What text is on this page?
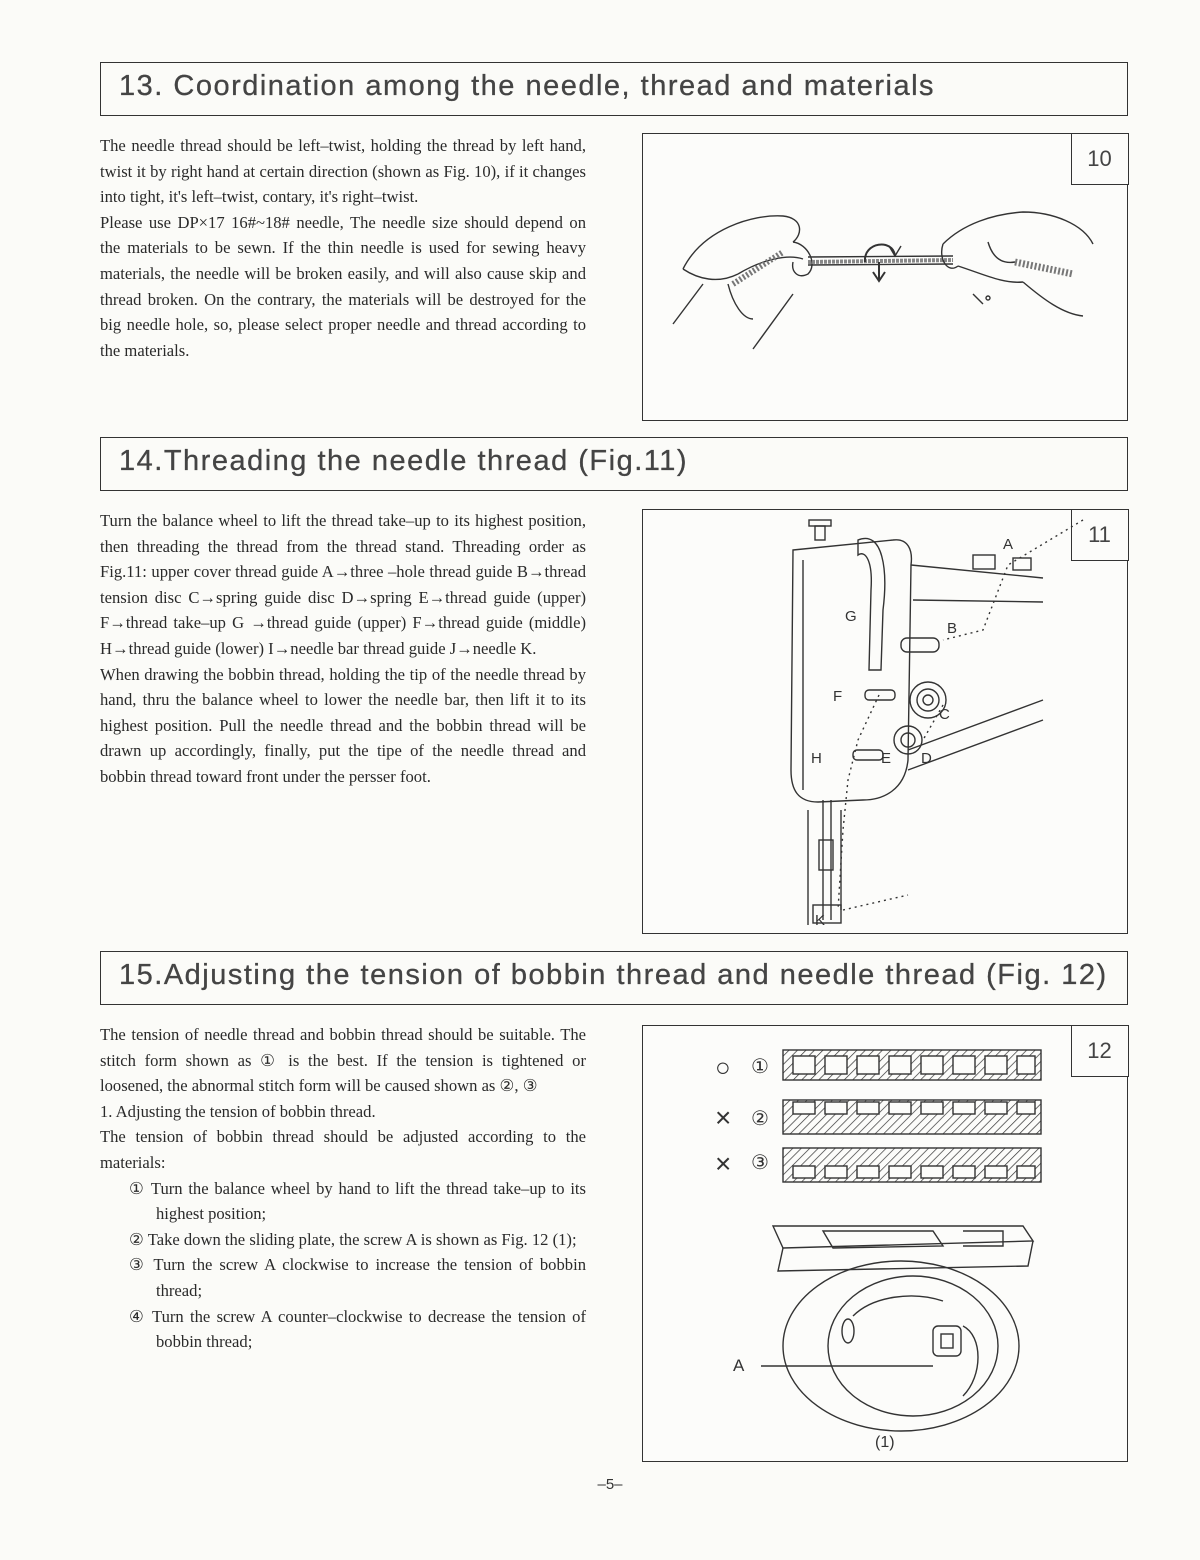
13. Coordination among the needle, thread and materials

The needle thread should be left–twist, holding the thread by left hand, twist it by right hand at certain direction (shown as Fig. 10), if it changes into tight, it's left–twist, contary, it's right–twist.

Please use DP×17 16#~18# needle, The needle size should depend on the materials to be sewn. If the thin needle is used for sewing heavy materials, the needle will be broken easily, and will also cause skip and thread broken. On the contrary, the materials will be destroyed for the big needle hole, so, please select proper needle and thread according to the materials.

10
14.Threading the needle thread (Fig.11)

Turn the balance wheel to lift the thread take–up to its highest position, then threading the thread from the thread stand. Threading order as Fig.11: upper cover thread guide A→three –hole thread guide B→thread tension disc C→spring guide disc D→spring E→thread guide (upper) F→thread take–up G →thread guide (upper) F→thread guide (middle) H→thread guide (lower) I→needle bar thread guide J→needle K.

When drawing the bobbin thread, holding the tip of the needle thread by hand, thru the balance wheel to lower the needle bar, then lift it to its highest position. Pull the needle thread and the bobbin thread will be drawn up accordingly, finally, put the tipe of the needle thread and bobbin thread toward front under the persser foot.

11
A
B
C
D
E
F
G
H
K
15.Adjusting the tension of bobbin thread and needle thread (Fig. 12)

The tension of needle thread and bobbin thread should be suitable. The stitch form shown as ① is the best. If the tension is tightened or loosened, the abnormal stitch form will be caused shown as ②, ③

1. Adjusting the tension of bobbin thread.

The tension of bobbin thread should be adjusted according to the materials:

① Turn the balance wheel by hand to lift the thread take–up to its highest position;

② Take down the sliding plate, the screw A is shown as Fig. 12 (1);

③ Turn the screw A clockwise to increase the tension of bobbin thread;

④ Turn the screw A counter–clockwise to decrease the tension of bobbin thread;

12
○ ①
× ②
× ③
A
(1)
–5–
